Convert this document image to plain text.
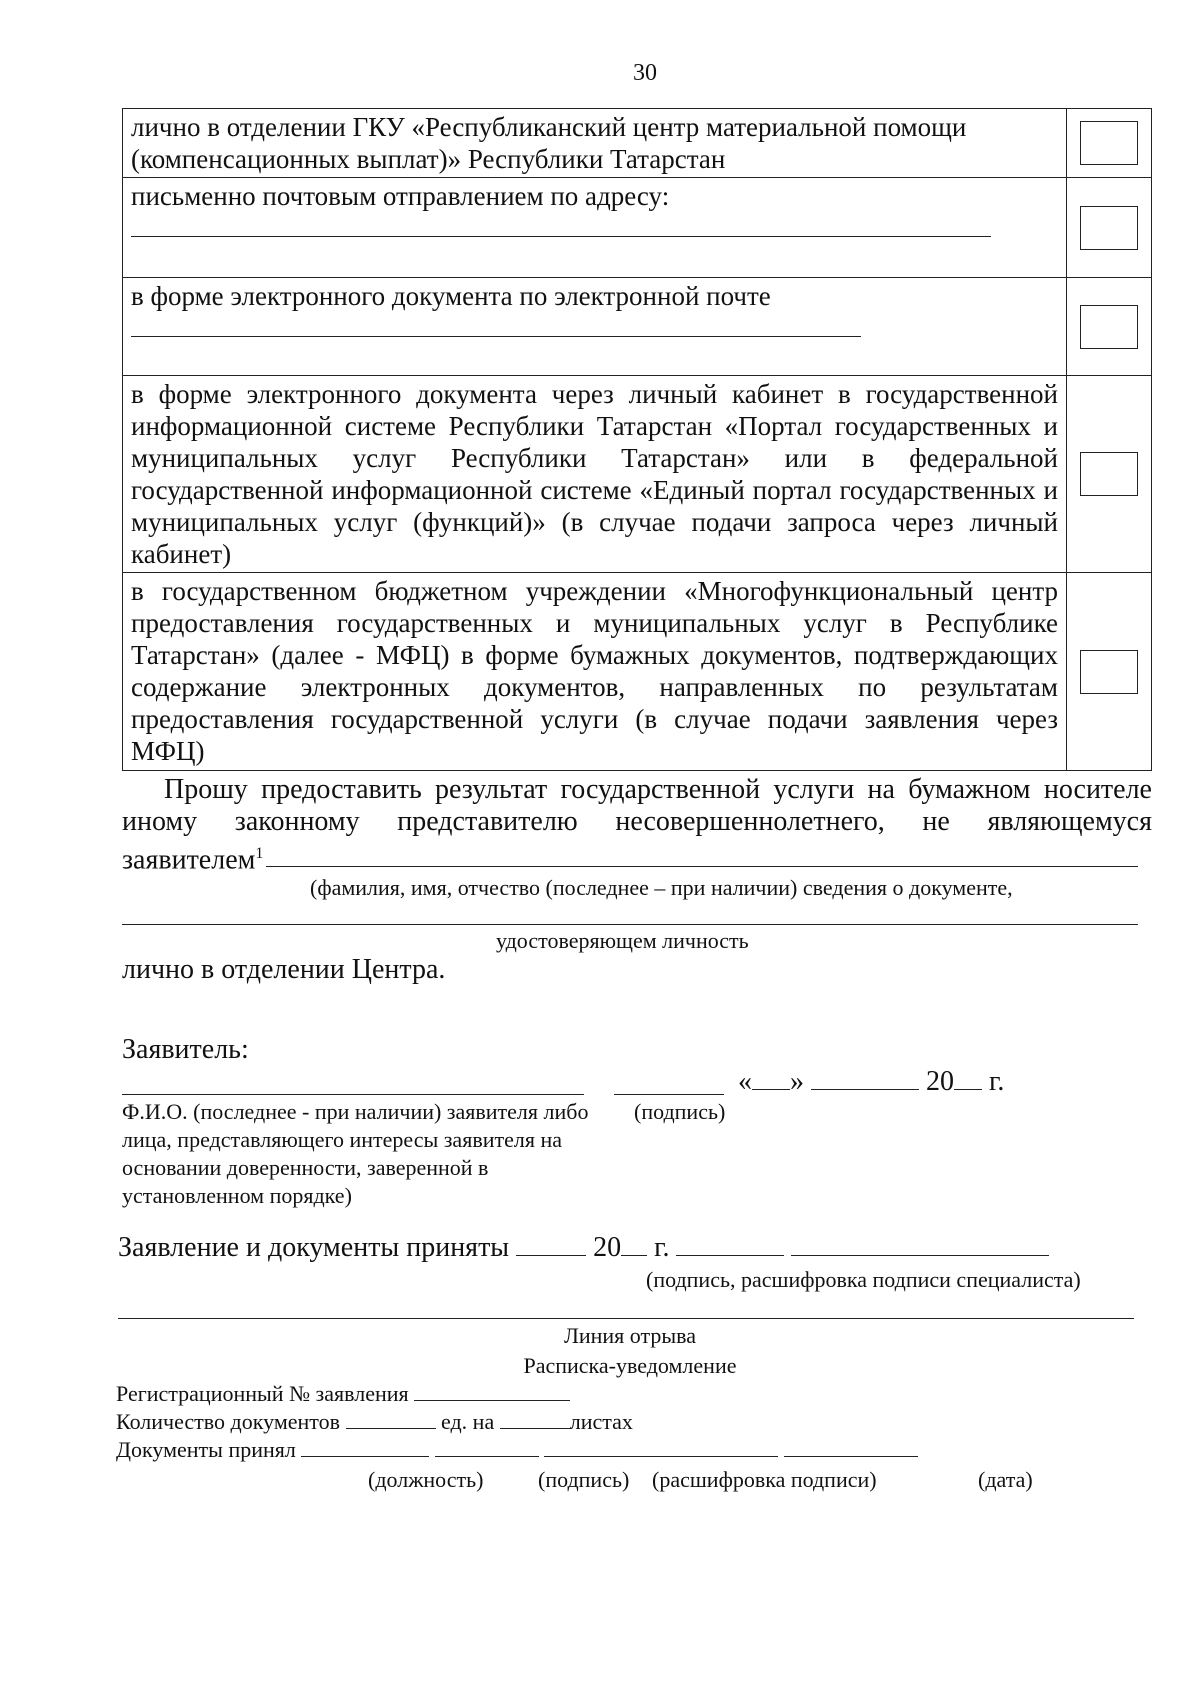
30
лично в отделении ГКУ «Республиканский центр материальной помощи (компенсационных выплат)» Республики Татарстан	

письменно почтовым отправлением по адресу:	

в форме электронного документа по электронной почте	

в форме электронного документа через личный кабинет в государственной информационной системе Республики Татарстан «Портал государственных и муниципальных услуг Республики Татарстан» или в федеральной государственной информационной системе «Единый портал государственных и муниципальных услуг (функций)» (в случае подачи запроса через личный кабинет)	

в государственном бюджетном учреждении «Многофункциональный центр предоставления государственных и муниципальных услуг в Республике Татарстан» (далее - МФЦ) в форме бумажных документов, подтверждающих содержание электронных документов, направленных по результатам предоставления государственной услуги (в случае подачи заявления через МФЦ)	
Прошу предоставить результат государственной услуги на бумажном носителе иному законному представителю несовершеннолетнего, не являющемуся
заявителем$^1$
(фамилия, имя, отчество (последнее – при наличии) сведения о документе,
удостоверяющем личность
лично в отделении Центра.
Заявитель:
« »	20 г.
Ф.И.О. (последнее - при наличии) заявителя либо лица, представляющего интересы заявителя на основании доверенности, заверенной в установленном порядке)
(подпись)
Заявление и документы приняты	20 г.
(подпись, расшифровка подписи специалиста)
Линия отрыва
Расписка-уведомление
Регистрационный № заявления
Количество документов	ед. на	листах
Документы принял
(должность) (подпись) (расшифровка подписи)	(дата)
